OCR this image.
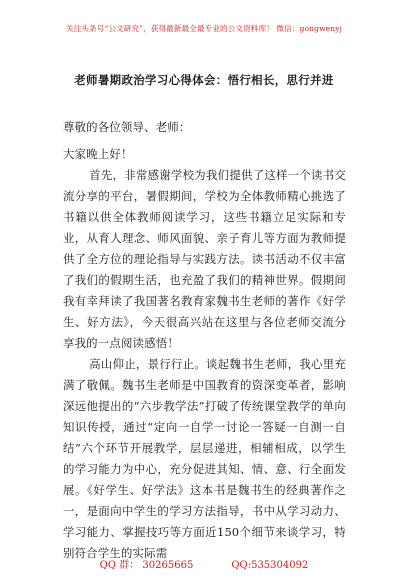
关注头条号“公文研究”，获得最新最全最专业的公文资料库！ 微信：gongwenyj
老师暑期政治学习心得体会：悟行相长，思行并进

尊敬的各位领导、老师：

大家晚上好！

首先，非常感谢学校为我们提供了这样一个读书交流分享的平台，暑假期间，学校为全体教师精心挑选了书籍以供全体教师阅读学习，这些书籍立足实际和专业，从育人理念、师风面貌、亲子育儿等方面为教师提供了全方位的理论指导与实践方法。读书活动不仅丰富了我们的假期生活，也充盈了我们的精神世界。假期间我有幸拜读了我国著名教育家魏书生老师的著作《好学生、好方法》，今天很高兴站在这里与各位老师交流分享我的一点阅读感悟！

高山仰止，景行行止。谈起魏书生老师，我心里充满了敬佩。魏书生老师是中国教育的资深变革者，影响深远他提出的“六步教学法”打破了传统课堂教学的单向知识传授，通过“定向一自学一讨论一答疑一自测一自结”六个环节开展教学，层层递进，相辅相成，以学生的学习能力为中心，充分促进其知、情、意、行全面发展。《好学生、好学法》这本书是魏书生的经典著作之一，是面向中学生的学习方法指导，书中从学习动力、学习能力、掌握技巧等方面近150个细节来谈学习，特别符合学生的实际需

QQ 群： 30265665	QQ:535304092
